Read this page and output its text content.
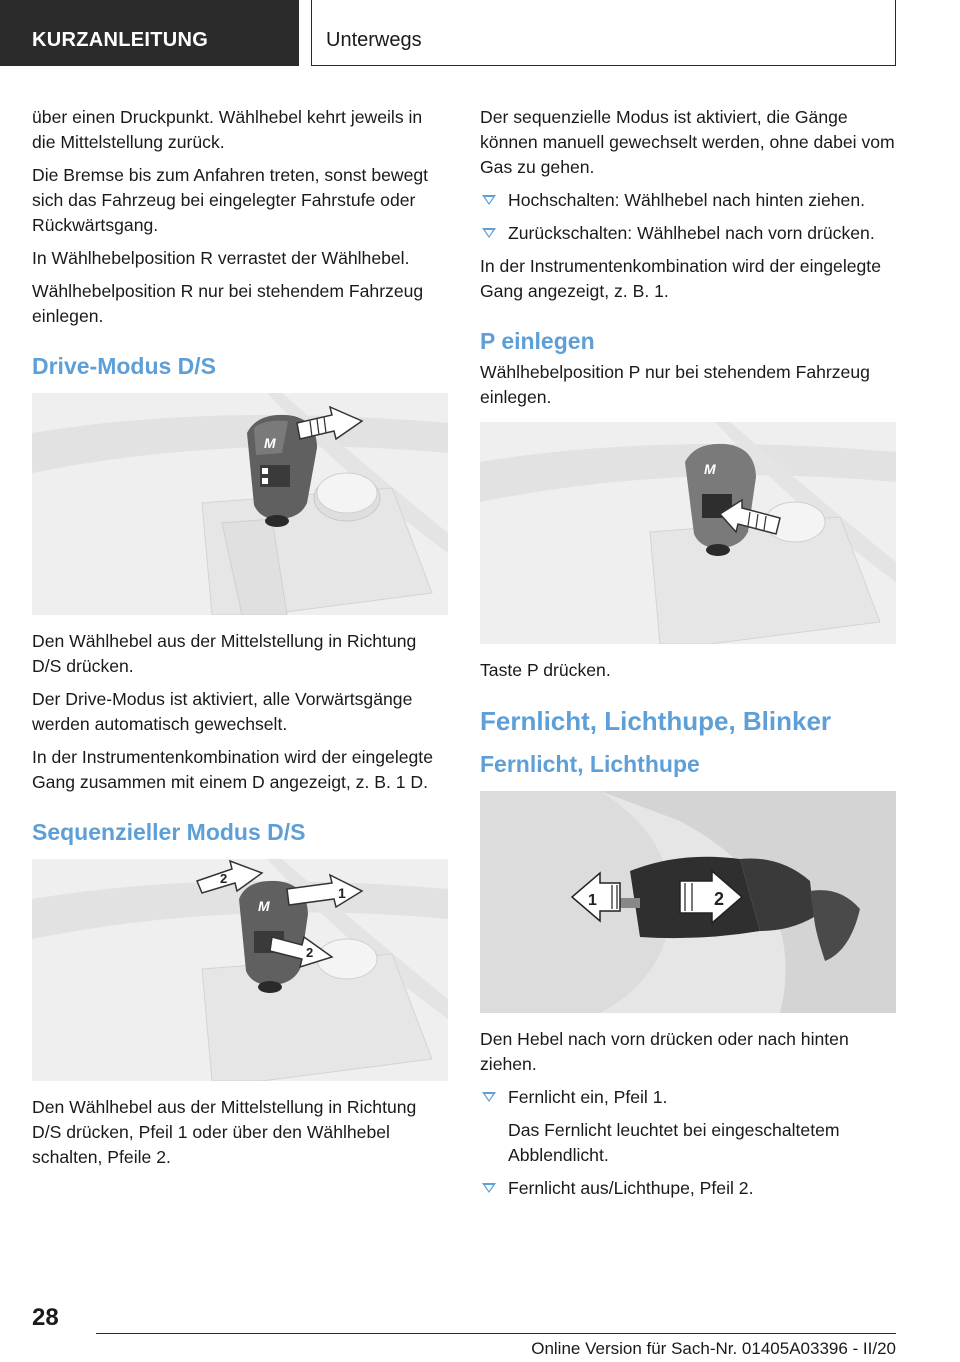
KURZANLEITUNG	Unterwegs

über einen Druckpunkt. Wählhebel kehrt jeweils in die Mittelstellung zurück.

Die Bremse bis zum Anfahren treten, sonst bewegt sich das Fahrzeug bei eingelegter Fahrstufe oder Rückwärtsgang.

In Wählhebelposition R verrastet der Wählhebel.

Wählhebelposition R nur bei stehendem Fahrzeug einlegen.

Drive-Modus D/S
M

Den Wählhebel aus der Mittelstellung in Richtung D/S drücken.

Der Drive-Modus ist aktiviert, alle Vorwärtsgänge werden automatisch gewechselt.

In der Instrumentenkombination wird der eingelegte Gang zusammen mit einem D angezeigt, z. B. 1 D.

Sequenzieller Modus D/S
M
1
2
2

Den Wählhebel aus der Mittelstellung in Richtung D/S drücken, Pfeil 1 oder über den Wählhebel schalten, Pfeile 2.

Der sequenzielle Modus ist aktiviert, die Gänge können manuell gewechselt werden, ohne dabei vom Gas zu gehen.

Hochschalten: Wählhebel nach hinten ziehen.
Zurückschalten: Wählhebel nach vorn drücken.

In der Instrumentenkombination wird der eingelegte Gang angezeigt, z. B. 1.

P einlegen

Wählhebelposition P nur bei stehendem Fahrzeug einlegen.

M

Taste P drücken.

Fernlicht, Lichthupe, Blinker
Fernlicht, Lichthupe
2
1

Den Hebel nach vorn drücken oder nach hinten ziehen.

Fernlicht ein, Pfeil 1.

Das Fernlicht leuchtet bei eingeschaltetem Abblendlicht.

Fernlicht aus/Lichthupe, Pfeil 2.
28
Online Version für Sach-Nr. 01405A03396 - II/20
